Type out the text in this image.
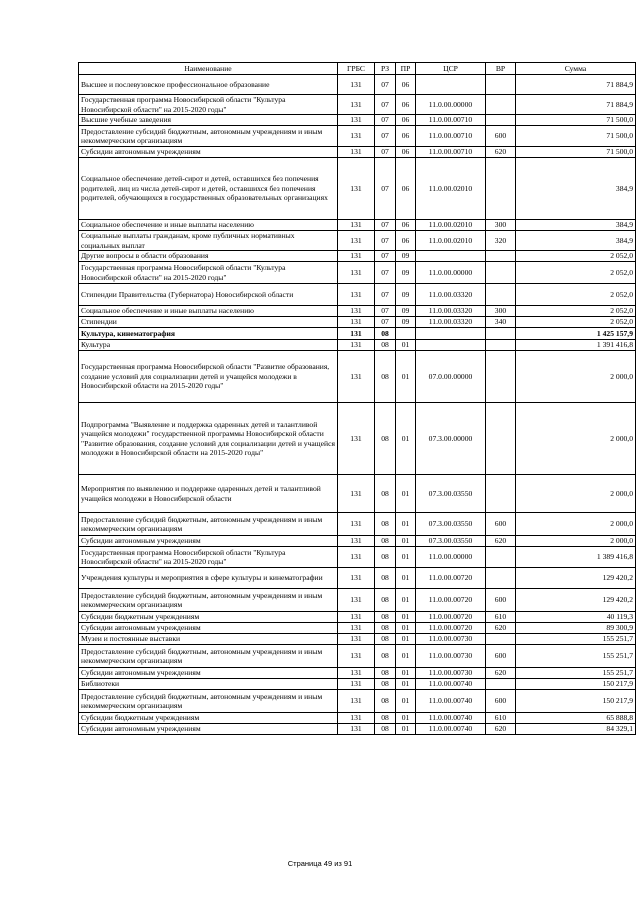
Наименование	ГРБС	РЗ	ПР	ЦСР	ВР	Сумма
Высшее и послевузовское профессиональное образование	131	07	06			71 884,9
Государственная программа Новосибирской области "Культура Новосибирской области" на 2015-2020 годы"	131	07	06	11.0.00.00000		71 884,9
Высшие учебные заведения	131	07	06	11.0.00.00710		71 500,0
Предоставление субсидий бюджетным, автономным учреждениям и иным некоммерческим организациям	131	07	06	11.0.00.00710	600	71 500,0
Субсидии автономным учреждениям	131	07	06	11.0.00.00710	620	71 500,0
Социальное обеспечение детей-сирот и детей, оставшихся без попечения родителей, лиц из числа детей-сирот и детей, оставшихся без попечения родителей, обучающихся в государственных образовательных организациях	131	07	06	11.0.00.02010		384,9
Социальное обеспечение и иные выплаты населению	131	07	06	11.0.00.02010	300	384,9
Социальные выплаты гражданам, кроме публичных нормативных социальных выплат	131	07	06	11.0.00.02010	320	384,9
Другие вопросы в области образования	131	07	09			2 052,0
Государственная программа Новосибирской области "Культура Новосибирской области" на 2015-2020 годы"	131	07	09	11.0.00.00000		2 052,0
Стипендии Правительства (Губернатора) Новосибирской области	131	07	09	11.0.00.03320		2 052,0
Социальное обеспечение и иные выплаты населению	131	07	09	11.0.00.03320	300	2 052,0
Стипендии	131	07	09	11.0.00.03320	340	2 052,0
Культура, кинематография	131	08				1 425 157,9
Культура	131	08	01			1 391 416,8
Государственная программа Новосибирской области "Развитие образования, создание условий для социализации детей и учащейся молодежи в Новосибирской области на 2015-2020 годы"	131	08	01	07.0.00.00000		2 000,0
Подпрограмма "Выявление и поддержка одаренных детей и талантливой учащейся молодежи" государственной программы Новосибирской области "Развитие образования, создание условий для социализации детей и учащейся молодежи в Новосибирской области на 2015-2020 годы"	131	08	01	07.3.00.00000		2 000,0
Мероприятия по выявлению и поддержке одаренных детей и талантливой учащейся молодежи в Новосибирской области	131	08	01	07.3.00.03550		2 000,0
Предоставление субсидий бюджетным, автономным учреждениям и иным некоммерческим организациям	131	08	01	07.3.00.03550	600	2 000,0
Субсидии автономным учреждениям	131	08	01	07.3.00.03550	620	2 000,0
Государственная программа Новосибирской области "Культура Новосибирской области" на 2015-2020 годы"	131	08	01	11.0.00.00000		1 389 416,8
Учреждения культуры и мероприятия в сфере культуры и кинематографии	131	08	01	11.0.00.00720		129 420,2
Предоставление субсидий бюджетным, автономным учреждениям и иным некоммерческим организациям	131	08	01	11.0.00.00720	600	129 420,2
Субсидии бюджетным учреждениям	131	08	01	11.0.00.00720	610	40 119,3
Субсидии автономным учреждениям	131	08	01	11.0.00.00720	620	89 300,9
Музеи и постоянные выставки	131	08	01	11.0.00.00730		155 251,7
Предоставление субсидий бюджетным, автономным учреждениям и иным некоммерческим организациям	131	08	01	11.0.00.00730	600	155 251,7
Субсидии автономным учреждениям	131	08	01	11.0.00.00730	620	155 251,7
Библиотеки	131	08	01	11.0.00.00740		150 217,9
Предоставление субсидий бюджетным, автономным учреждениям и иным некоммерческим организациям	131	08	01	11.0.00.00740	600	150 217,9
Субсидии бюджетным учреждениям	131	08	01	11.0.00.00740	610	65 888,8
Субсидии автономным учреждениям	131	08	01	11.0.00.00740	620	84 329,1
Страница 49 из 91
